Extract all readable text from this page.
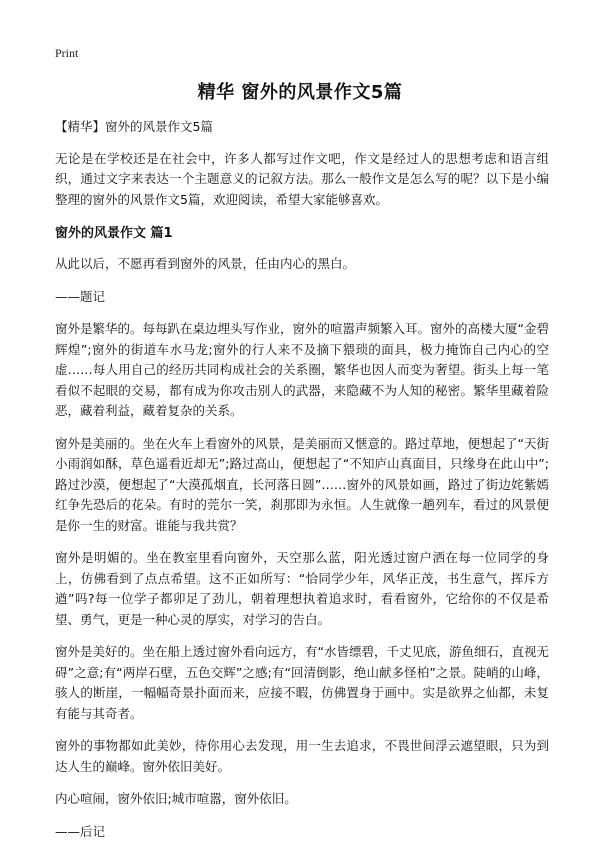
Print
精华 窗外的风景作文5篇

【精华】窗外的风景作文5篇

无论是在学校还是在社会中，许多人都写过作文吧，作文是经过人的思想考虑和语言组织，通过文字来表达一个主题意义的记叙方法。那么一般作文是怎么写的呢？以下是小编整理的窗外的风景作文5篇，欢迎阅读，希望大家能够喜欢。

窗外的风景作文 篇1

从此以后，不愿再看到窗外的风景，任由内心的黑白。

——题记

窗外是繁华的。每每趴在桌边埋头写作业，窗外的喧嚣声频繁入耳。窗外的高楼大厦“金碧辉煌”;窗外的街道车水马龙;窗外的行人来不及摘下猥琐的面具，极力掩饰自己内心的空虚……每人用自己的经历共同构成社会的关系圈，繁华也因人而变为奢望。街头上每一笔看似不起眼的交易，都有成为你攻击别人的武器，来隐藏不为人知的秘密。繁华里藏着险恶，藏着利益，藏着复杂的关系。

窗外是美丽的。坐在火车上看窗外的风景，是美丽而又惬意的。路过草地，便想起了“天街小雨润如酥，草色遥看近却无”;路过高山，便想起了“不知庐山真面目，只缘身在此山中”;路过沙漠，便想起了“大漠孤烟直，长河落日圆”……窗外的风景如画，路过了街边姹紫嫣红争先恐后的花朵。有时的莞尔一笑，刹那即为永恒。人生就像一趟列车，看过的风景便是你一生的财富。谁能与我共赏？

窗外是明媚的。坐在教室里看向窗外，天空那么蓝，阳光透过窗户洒在每一位同学的身上，仿佛看到了点点希望。这不正如所写：“恰同学少年，风华正茂，书生意气，挥斥方遒”吗?每一位学子都卯足了劲儿，朝着理想执着追求时，看看窗外，它给你的不仅是希望、勇气，更是一种心灵的厚实，对学习的告白。

窗外是美好的。坐在船上透过窗外看向远方，有“水皆缥碧，千丈见底，游鱼细石，直视无碍”之意;有“两岸石壁，五色交辉”之感;有“回清倒影，绝山献多怪柏”之景。陡峭的山峰，骇人的断崖，一幅幅奇景扑面而来，应接不暇，仿佛置身于画中。实是欲界之仙都，未复有能与其奇者。

窗外的事物都如此美妙，待你用心去发现，用一生去追求，不畏世间浮云遮望眼，只为到达人生的巅峰。窗外依旧美好。

内心喧闹，窗外依旧;城市喧嚣，窗外依旧。

——后记
